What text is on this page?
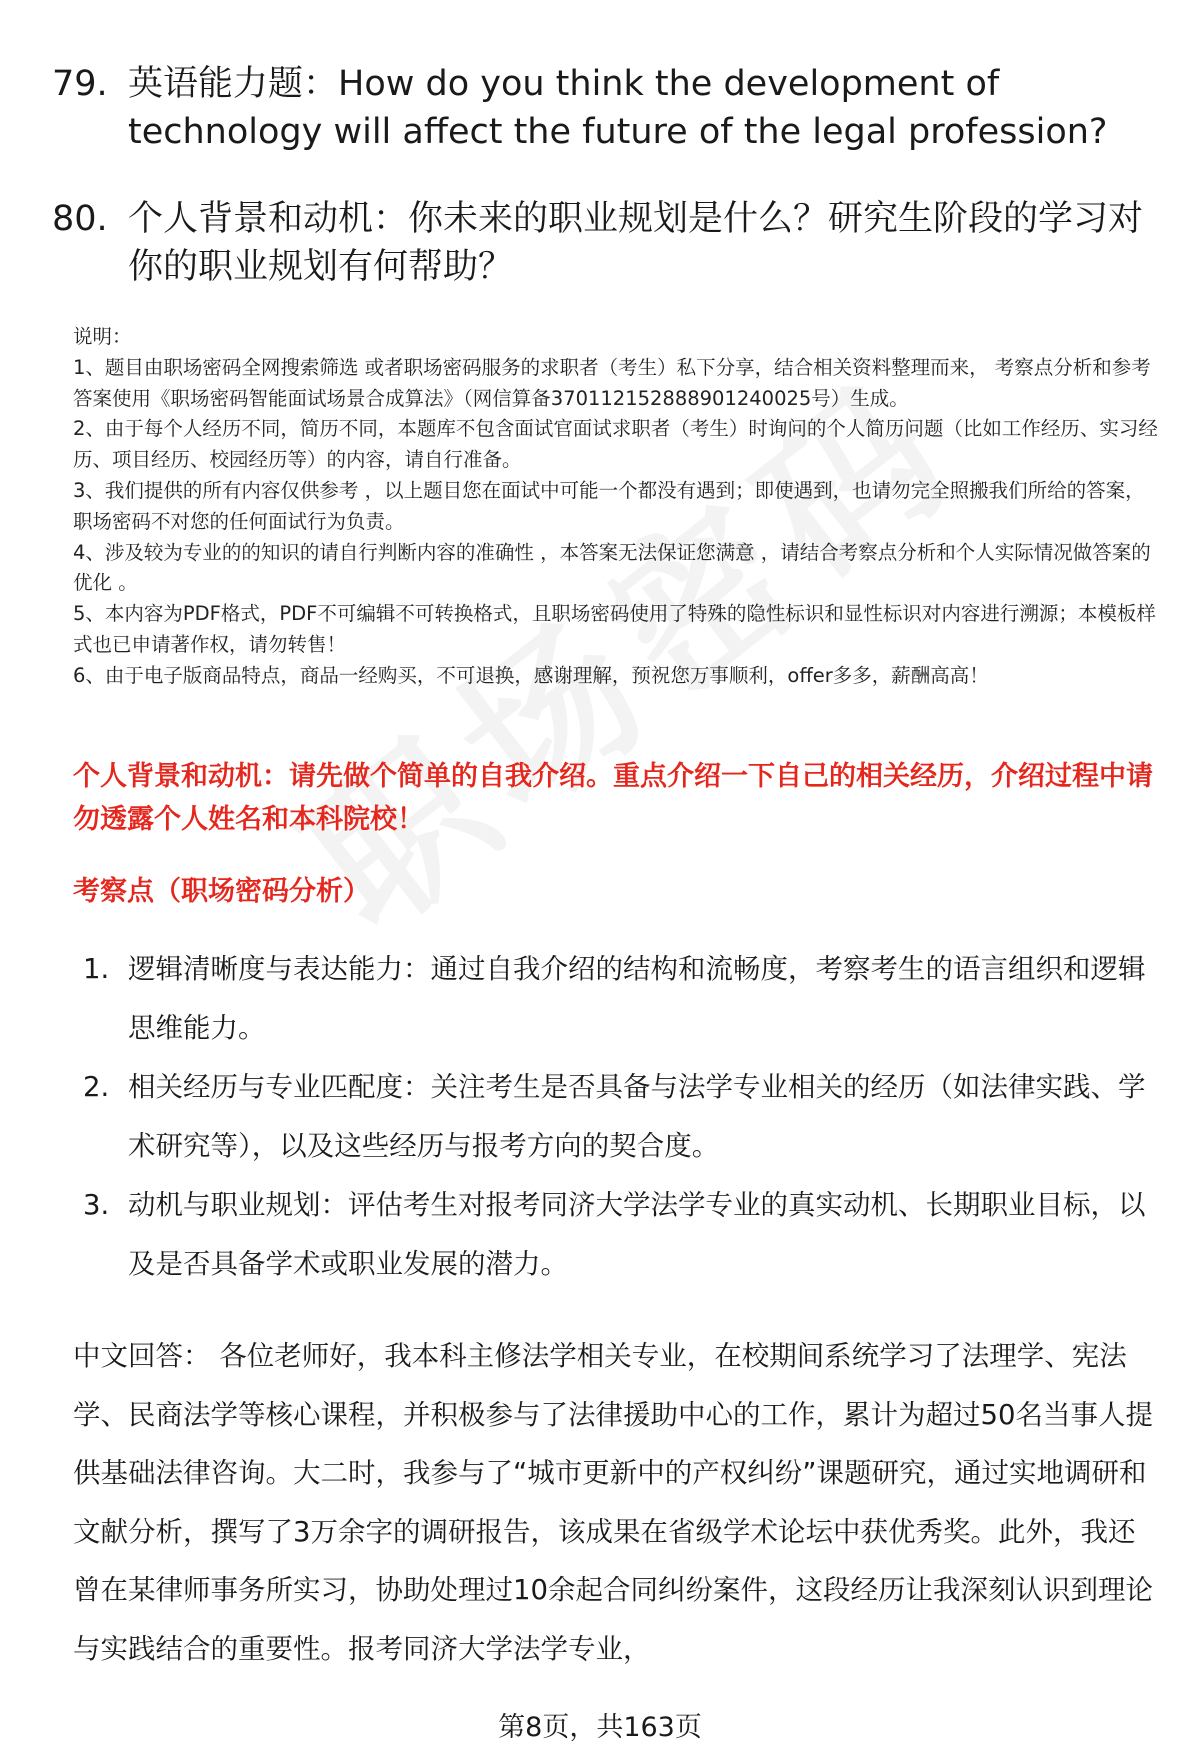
79. 英语能力题：How do you think the development of technology will affect the future of the legal profession?
80. 个人背景和动机：你未来的职业规划是什么？研究生阶段的学习对你的职业规划有何帮助？

说明：

1、题目由职场密码全网搜索筛选 或者职场密码服务的求职者（考生）私下分享，结合相关资料整理而来， 考察点分析和参考答案使用《职场密码智能面试场景合成算法》（网信算备370112152888901240025号）生成。

2、由于每个人经历不同，简历不同，本题库不包含面试官面试求职者（考生）时询问的个人简历问题（比如工作经历、实习经历、项目经历、校园经历等）的内容，请自行准备。

3、我们提供的所有内容仅供参考 ，以上题目您在面试中可能一个都没有遇到；即使遇到，也请勿完全照搬我们所给的答案，职场密码不对您的任何面试行为负责。

4、涉及较为专业的的知识的请自行判断内容的准确性 ，本答案无法保证您满意 ，请结合考察点分析和个人实际情况做答案的优化 。

5、本内容为PDF格式，PDF不可编辑不可转换格式，且职场密码使用了特殊的隐性标识和显性标识对内容进行溯源；本模板样式也已申请著作权，请勿转售！

6、由于电子版商品特点，商品一经购买，不可退换，感谢理解，预祝您万事顺利，offer多多，薪酬高高！

个人背景和动机：请先做个简单的自我介绍。重点介绍一下自己的相关经历，介绍过程中请勿透露个人姓名和本科院校！
考察点（职场密码分析）
1. 逻辑清晰度与表达能力：通过自我介绍的结构和流畅度，考察考生的语言组织和逻辑思维能力。
2. 相关经历与专业匹配度：关注考生是否具备与法学专业相关的经历（如法律实践、学术研究等），以及这些经历与报考方向的契合度。
3. 动机与职业规划：评估考生对报考同济大学法学专业的真实动机、长期职业目标，以及是否具备学术或职业发展的潜力。
中文回答： 各位老师好，我本科主修法学相关专业，在校期间系统学习了法理学、宪法学、民商法学等核心课程，并积极参与了法律援助中心的工作，累计为超过50名当事人提供基础法律咨询。大二时，我参与了“城市更新中的产权纠纷”课题研究，通过实地调研和文献分析，撰写了3万余字的调研报告，该成果在省级学术论坛中获优秀奖。此外，我还曾在某律师事务所实习，协助处理过10余起合同纠纷案件，这段经历让我深刻认识到理论与实践结合的重要性。报考同济大学法学专业，
第8页，共163页
